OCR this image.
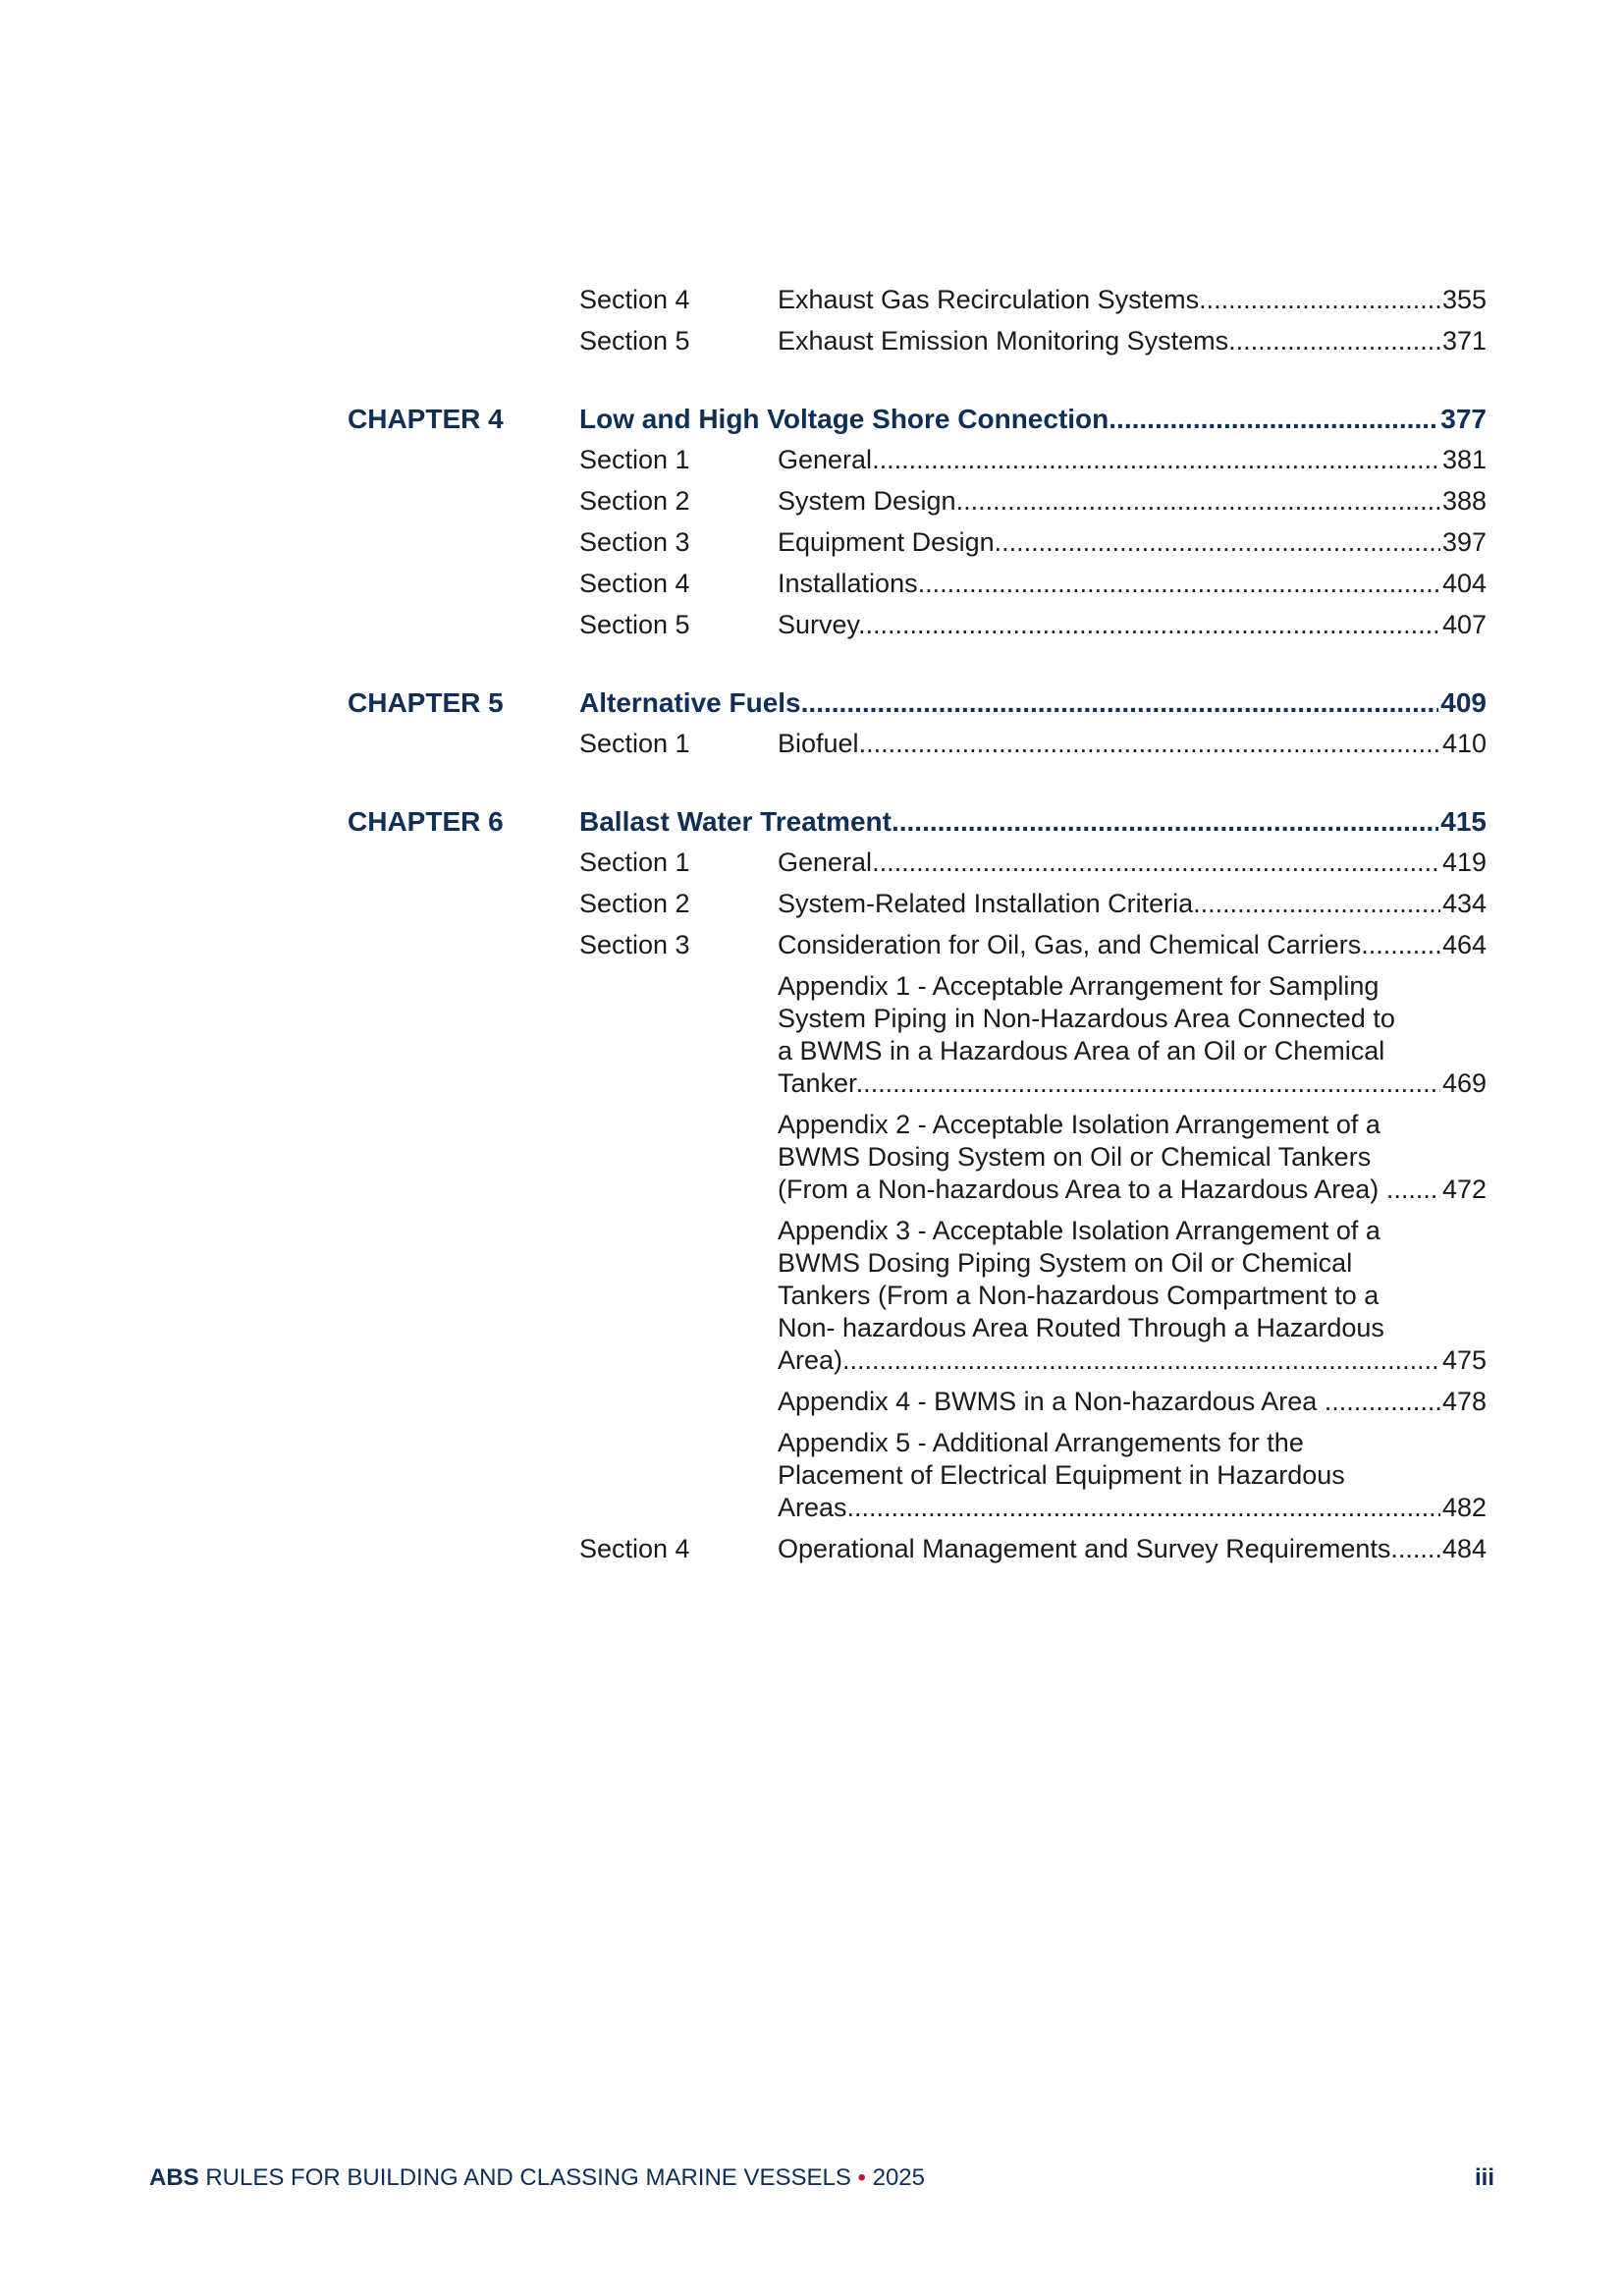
Section 4	Exhaust Gas Recirculation Systems .....	355
Section 5	Exhaust Emission Monitoring Systems .....	371
CHAPTER 4	Low and High Voltage Shore Connection .....	377
Section 1	General .....	381
Section 2	System Design .....	388
Section 3	Equipment Design .....	397
Section 4	Installations .....	404
Section 5	Survey .....	407
CHAPTER 5	Alternative Fuels .....	409
Section 1	Biofuel .....	410
CHAPTER 6	Ballast Water Treatment .....	415
Section 1	General .....	419
Section 2	System-Related Installation Criteria .....	434
Section 3	Consideration for Oil, Gas, and Chemical Carriers .....	464
Appendix 1 - Acceptable Arrangement for Sampling
System Piping in Non-Hazardous Area Connected to
a BWMS in a Hazardous Area of an Oil or Chemical
Tanker .....	469
Appendix 2 - Acceptable Isolation Arrangement of a
BWMS Dosing System on Oil or Chemical Tankers
(From a Non-hazardous Area to a Hazardous Area) .....	472
Appendix 3 - Acceptable Isolation Arrangement of a
BWMS Dosing Piping System on Oil or Chemical
Tankers (From a Non-hazardous Compartment to a
Non- hazardous Area Routed Through a Hazardous
Area) .....	475
Appendix 4 - BWMS in a Non-hazardous Area .....	478
Appendix 5 - Additional Arrangements for the
Placement of Electrical Equipment in Hazardous
Areas .....	482
Section 4	Operational Management and Survey Requirements .....	484
ABS RULES FOR BUILDING AND CLASSING MARINE VESSELS • 2025	iii
